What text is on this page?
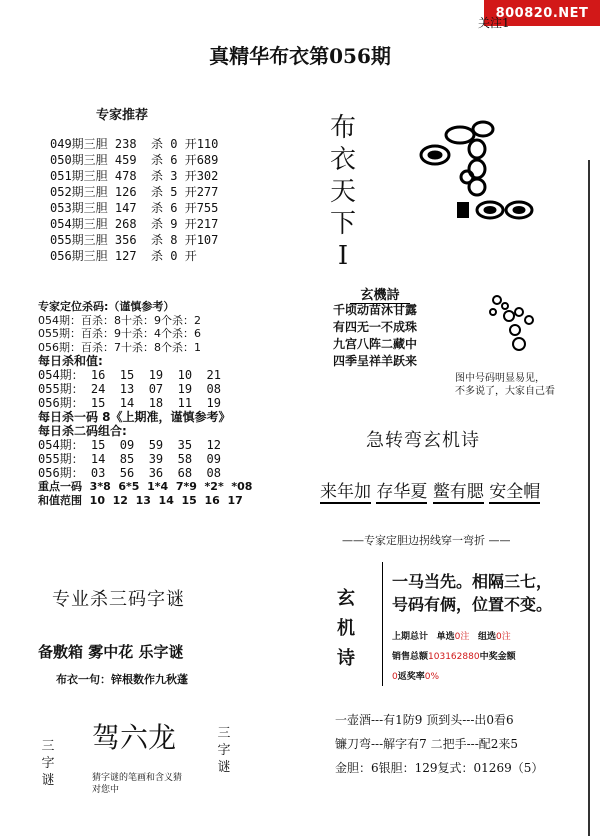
800820.NET
关注1
真精华布衣第056期
专家推荐
049期三胆 238  杀 0 开110
050期三胆 459  杀 6 开689
051期三胆 478  杀 3 开302
052期三胆 126  杀 5 开277
053期三胆 147  杀 6 开755
054期三胆 268  杀 9 开217
055期三胆 356  杀 8 开107
056期三胆 127  杀 0 开
布
衣
天
下
I
专家定位杀码:（谨慎参考）
054期：百杀：8十杀：9个杀：2
055期：百杀：9十杀：4个杀：6
056期：百杀：7十杀：8个杀：1
每日杀和值:
054期： 16  15  19  10  21
055期： 24  13  07  19  08
056期： 15  14  18  11  19
每日杀一码 8《上期准，谨慎参考》
每日杀二码组合:
054期： 15  09  59  35  12
055期： 14  85  39  58  09
056期： 03  56  36  68  08
重点一码  3*8  6*5  1*4  7*9  *2*  *08
和值范围  10  12  13  14  15  16  17
玄機詩
千顷动苗沐甘露
有四无一不成珠
九宫八阵二藏中
四季呈祥羊跃来
图中号码明显易见，
不多说了，大家自己看
急转弯玄机诗
来年加 存华夏 鳖有腮 安全帽
——专家定胆边拐线穿一弯折 ——
玄
机
诗
一马当先。相隔三七，
号码有俩，位置不变。
上期总计 单选0注 组选0注
销售总额103162880中奖金额
0返奖率0%
一壶酒---有1防9 顶到头---出0看6
镰刀弯---解字有7 二把手---配2来5
金胆：6银胆：129复式：01269（5）
专业杀三码字谜
备敷箱 雾中花 乐字谜
布衣一句：锌根数作九秋蓬
三
字
谜
驾六龙	三
字
谜
猜字谜的笔画和含义猜
对您中
